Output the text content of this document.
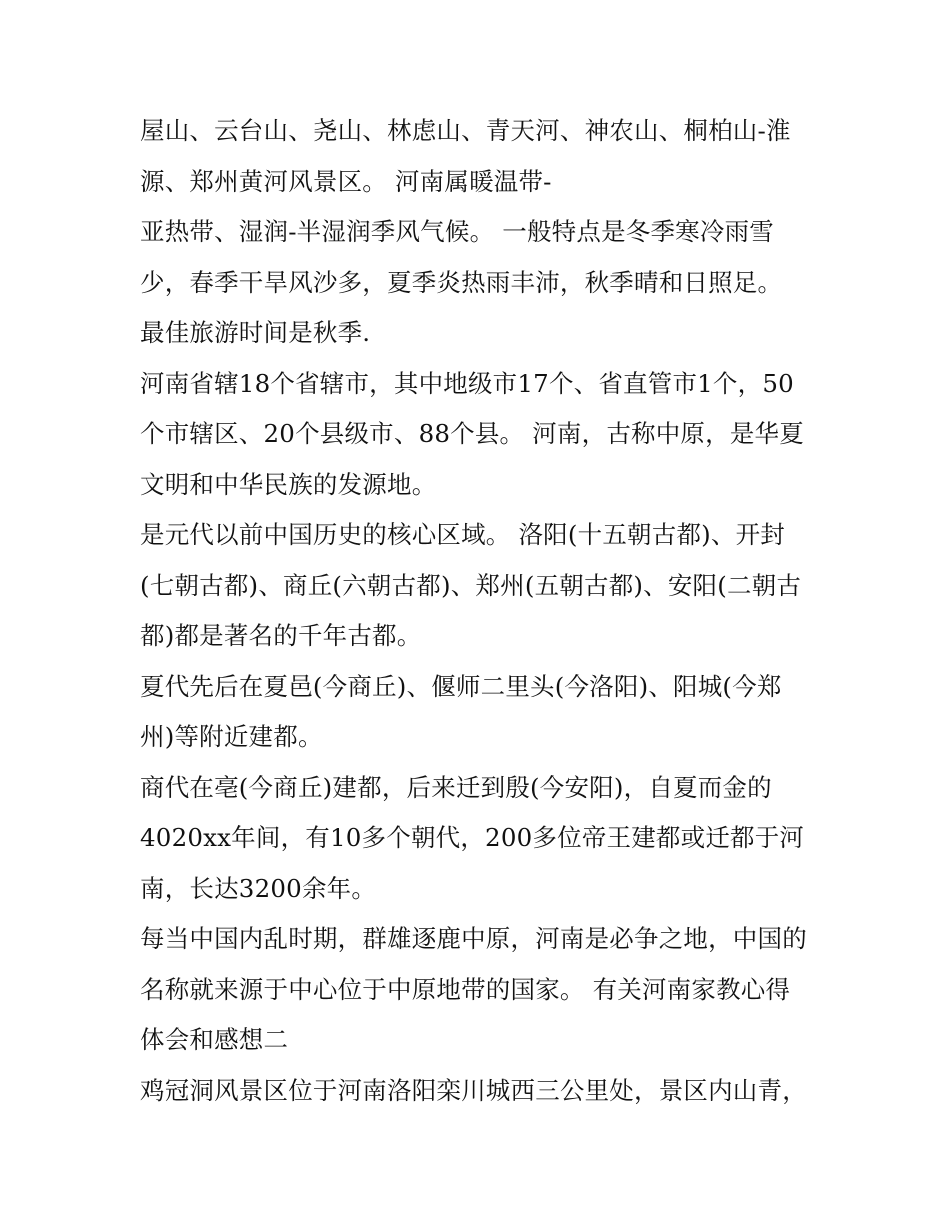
屋山、云台山、尧山、林虑山、青天河、神农山、桐柏山-淮
源、郑州黄河风景区。 河南属暖温带-
亚热带、湿润-半湿润季风气候。 一般特点是冬季寒冷雨雪
少，春季干旱风沙多，夏季炎热雨丰沛，秋季晴和日照足。
最佳旅游时间是秋季.
河南省辖18个省辖市，其中地级市17个、省直管市1个，50
个市辖区、20个县级市、88个县。 河南，古称中原，是华夏
文明和中华民族的发源地。
是元代以前中国历史的核心区域。 洛阳(十五朝古都)、开封
(七朝古都)、商丘(六朝古都)、郑州(五朝古都)、安阳(二朝古
都)都是著名的千年古都。
夏代先后在夏邑(今商丘)、偃师二里头(今洛阳)、阳城(今郑
州)等附近建都。
商代在亳(今商丘)建都，后来迁到殷(今安阳)，自夏而金的
4020xx年间，有10多个朝代，200多位帝王建都或迁都于河
南，长达3200余年。
每当中国内乱时期，群雄逐鹿中原，河南是必争之地，中国的
名称就来源于中心位于中原地带的国家。 有关河南家教心得
体会和感想二
鸡冠洞风景区位于河南洛阳栾川城西三公里处，景区内山青，
